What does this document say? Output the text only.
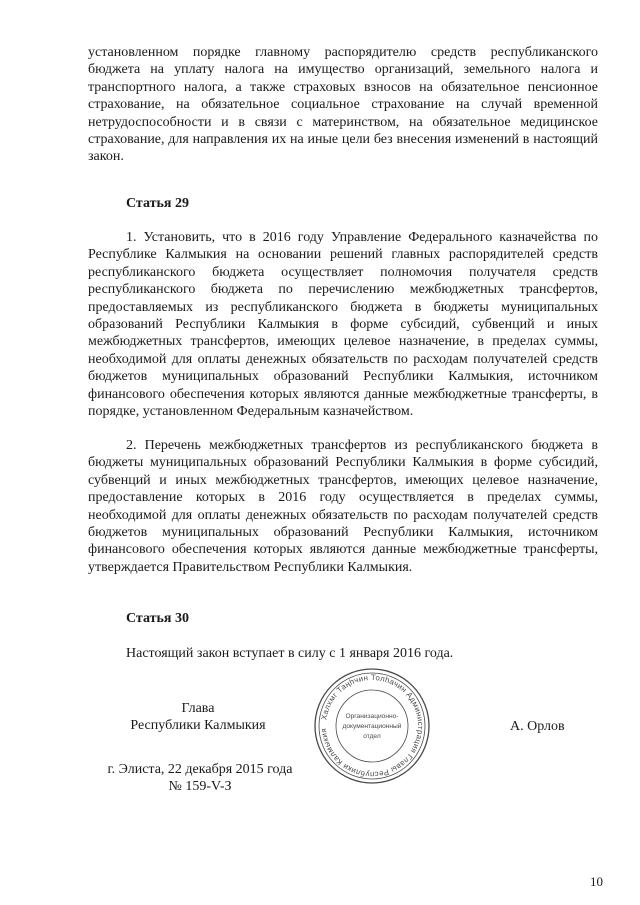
установленном порядке главному распорядителю средств республиканского бюджета на уплату налога на имущество организаций, земельного налога и транспортного налога, а также страховых взносов на обязательное пенсионное страхование, на обязательное социальное страхование на случай временной нетрудоспособности и в связи с материнством, на обязательное медицинское страхование, для направления их на иные цели без внесения изменений в настоящий закон.

Статья 29

1. Установить, что в 2016 году Управление Федерального казначейства по Республике Калмыкия на основании решений главных распорядителей средств республиканского бюджета осуществляет полномочия получателя средств республиканского бюджета по перечислению межбюджетных трансфертов, предоставляемых из республиканского бюджета в бюджеты муниципальных образований Республики Калмыкия в форме субсидий, субвенций и иных межбюджетных трансфертов, имеющих целевое назначение, в пределах суммы, необходимой для оплаты денежных обязательств по расходам получателей средств бюджетов муниципальных образований Республики Калмыкия, источником финансового обеспечения которых являются данные межбюджетные трансферты, в порядке, установленном Федеральным казначейством.

2. Перечень межбюджетных трансфертов из республиканского бюджета в бюджеты муниципальных образований Республики Калмыкия в форме субсидий, субвенций и иных межбюджетных трансфертов, имеющих целевое назначение, предоставление которых в 2016 году осуществляется в пределах суммы, необходимой для оплаты денежных обязательств по расходам получателей средств бюджетов муниципальных образований Республики Калмыкия, источником финансового обеспечения которых являются данные межбюджетные трансферты, утверждается Правительством Республики Калмыкия.

Статья 30

Настоящий закон вступает в силу с 1 января 2016 года.

Глава
Республики Калмыкия	А. Орлов
г. Элиста, 22 декабря 2015 года
№ 159-V-З
Халхмг Таңһчин Толһачин Администрация Главы Республики Калмыкия
Организационно-
документационный
отдел
10
